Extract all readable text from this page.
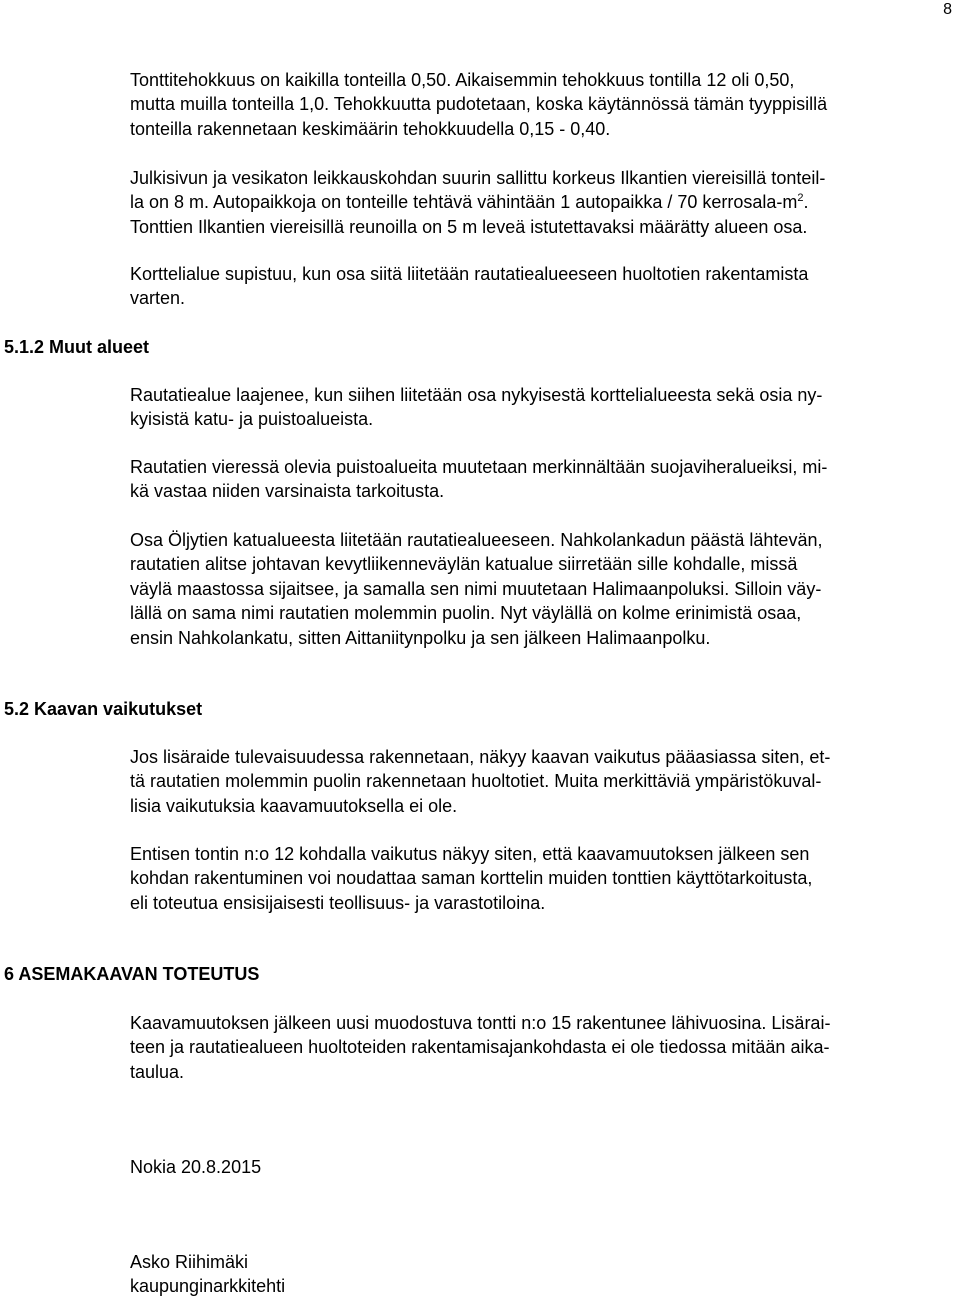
8

Tonttitehokkuus on kaikilla tonteilla 0,50. Aikaisemmin tehokkuus tontilla 12 oli 0,50,
mutta muilla tonteilla 1,0. Tehokkuutta pudotetaan, koska käytännössä tämän tyyppisillä
tonteilla rakennetaan keskimäärin tehokkuudella 0,15 - 0,40.

Julkisivun ja vesikaton leikkauskohdan suurin sallittu korkeus Ilkantien viereisillä tonteil-
la on 8 m. Autopaikkoja on tonteille tehtävä vähintään 1 autopaikka / 70 kerrosala-$m^2$.
Tonttien Ilkantien viereisillä reunoilla on 5 m leveä istutettavaksi määrätty alueen osa.

Korttelialue supistuu, kun osa siitä liitetään rautatiealueeseen huoltotien rakentamista
varten.

5.1.2 Muut alueet

Rautatiealue laajenee, kun siihen liitetään osa nykyisestä korttelialueesta sekä osia ny-
kyisistä katu- ja puistoalueista.

Rautatien vieressä olevia puistoalueita muutetaan merkinnältään suojaviheralueiksi, mi-
kä vastaa niiden varsinaista tarkoitusta.

Osa Öljytien katualueesta liitetään rautatiealueeseen. Nahkolankadun päästä lähtevän,
rautatien alitse johtavan kevytliikenneväylän katualue siirretään sille kohdalle, missä
väylä maastossa sijaitsee, ja samalla sen nimi muutetaan Halimaanpoluksi. Silloin väy-
lällä on sama nimi rautatien molemmin puolin. Nyt väylällä on kolme erinimistä osaa,
ensin Nahkolankatu, sitten Aittaniitynpolku ja sen jälkeen Halimaanpolku.

5.2 Kaavan vaikutukset

Jos lisäraide tulevaisuudessa rakennetaan, näkyy kaavan vaikutus pääasiassa siten, et-
tä rautatien molemmin puolin rakennetaan huoltotiet. Muita merkittäviä ympäristökuval-
lisia vaikutuksia kaavamuutoksella ei ole.

Entisen tontin n:o 12 kohdalla vaikutus näkyy siten, että kaavamuutoksen jälkeen sen
kohdan rakentuminen voi noudattaa saman korttelin muiden tonttien käyttötarkoitusta,
eli toteutua ensisijaisesti teollisuus- ja varastotiloina.

6 ASEMAKAAVAN TOTEUTUS

Kaavamuutoksen jälkeen uusi muodostuva tontti n:o 15 rakentunee lähivuosina. Lisärai-
teen ja rautatiealueen huoltoteiden rakentamisajankohdasta ei ole tiedossa mitään aika-
taulua.

Nokia 20.8.2015

Asko Riihimäki
kaupunginarkkitehti
